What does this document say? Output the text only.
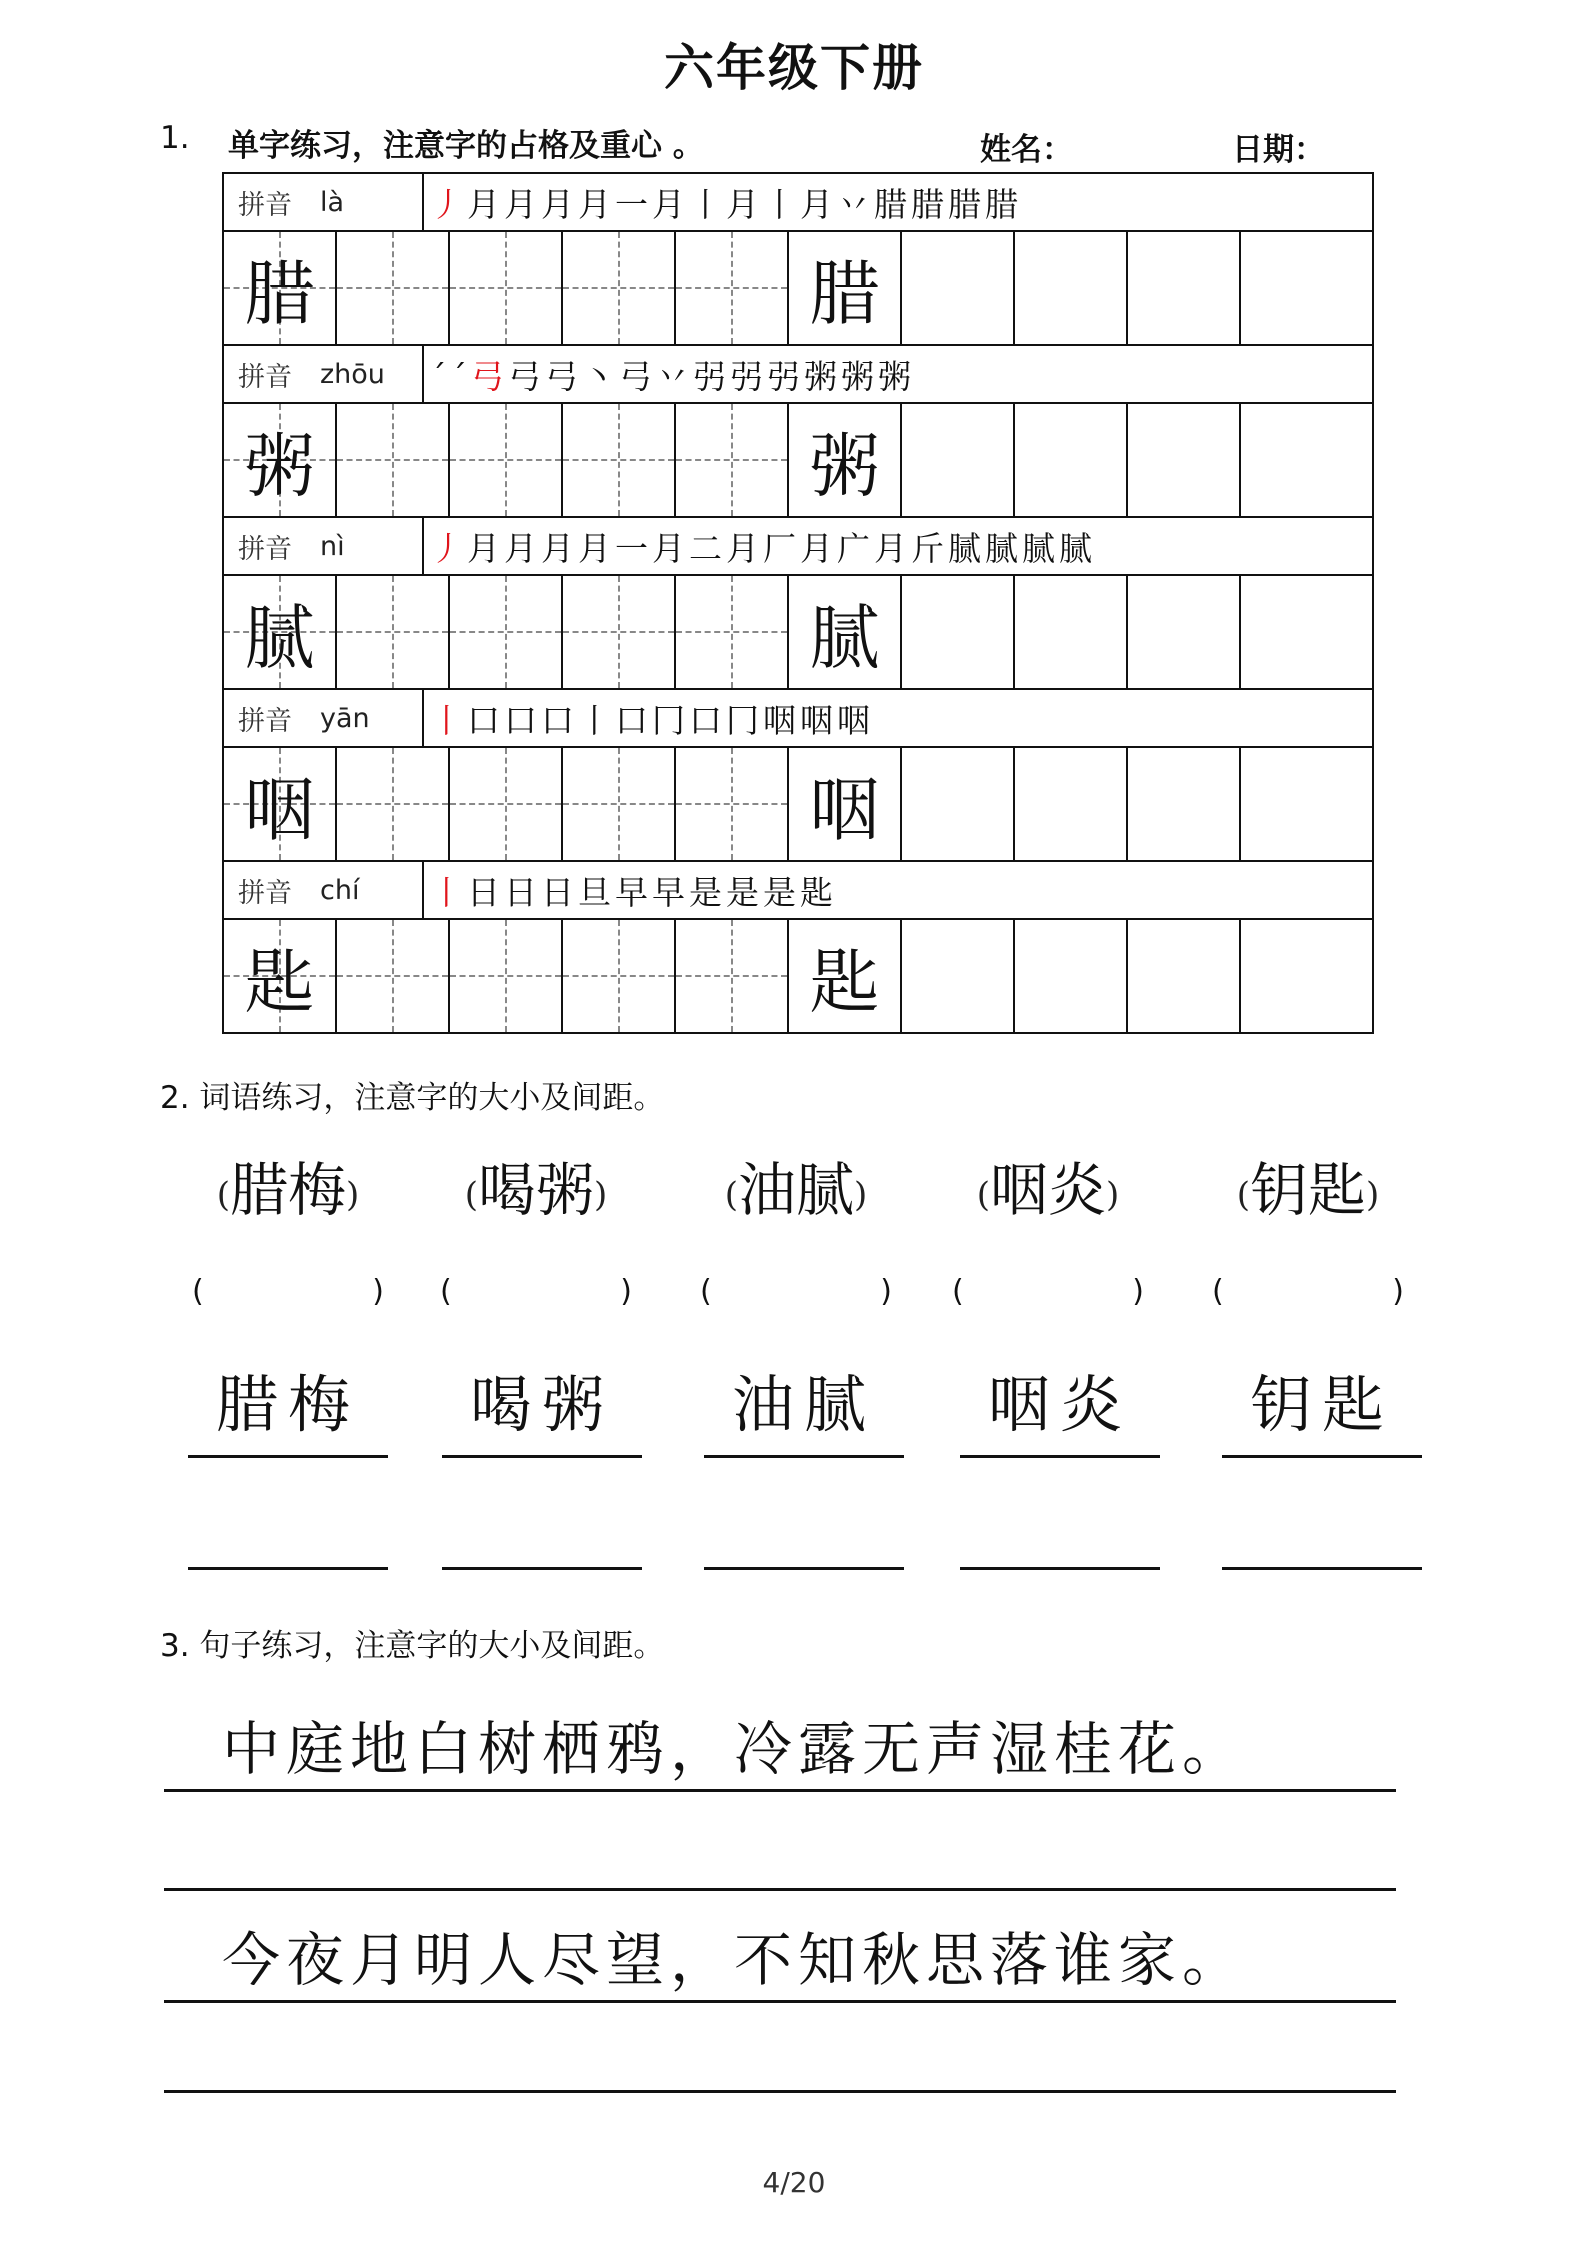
六年级下册
1. 单字练习，注意字的占格及重心 。	姓名：	日期：
拼音 là	丿月月月月一月丨月丨月丷腊腊腊腊
腊	腊
拼音 zhōu ˊˊ弓弓弓丶弓丷弜弜弜粥粥粥
粥	粥
拼音 nì	丿月月月月一月二月厂月广月斤腻腻腻腻
腻	腻
拼音 yān 丨口口口丨口冂口冂咽咽咽
咽	咽
拼音 chí 丨日日日旦早早是是是匙
匙	匙
2. 词语练习，注意字的大小及间距。
(腊梅)	(喝粥)	(油腻)	(咽炎)	(钥匙)
(	) (	) (	) (	) (	)
腊梅	喝粥	油腻	咽炎	钥匙
3. 句子练习，注意字的大小及间距。
中庭地白树栖鸦，冷露无声湿桂花。
今夜月明人尽望，不知秋思落谁家。
4/20
